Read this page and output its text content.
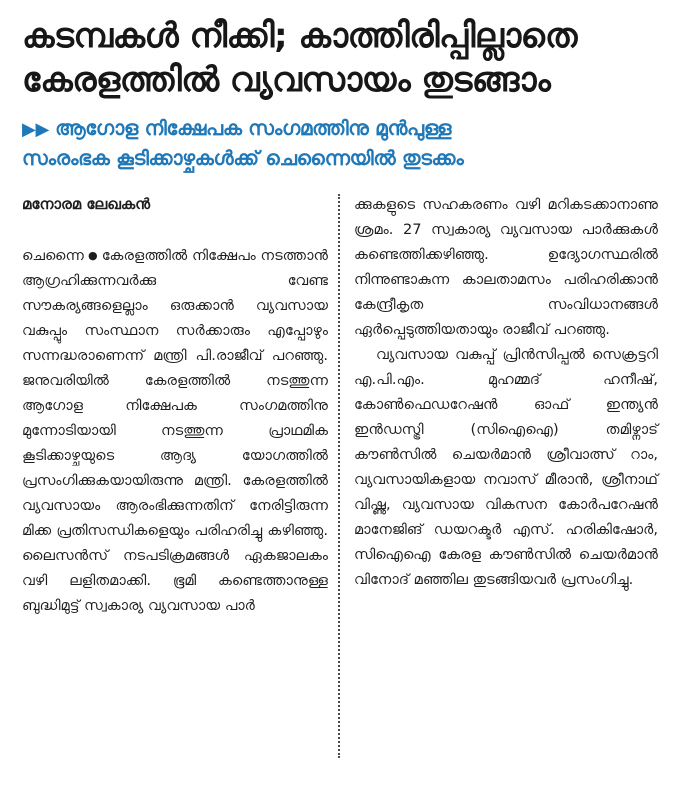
കടമ്പകൾ നീക്കി; കാത്തിരിപ്പില്ലാതെ
കേരളത്തിൽ വ്യവസായം തുടങ്ങാം
▶▶ ആഗോള നിക്ഷേപക സംഗമത്തിനു മുൻപുള്ള
സംരംഭക കൂടിക്കാഴ്ചകൾക്ക് ചെന്നൈയിൽ തുടക്കം
മനോരമ ലേഖകൻ

ചെന്നൈ ● കേരളത്തിൽ നിക്ഷേപം നടത്താൻ ആഗ്രഹിക്കുന്നവർക്കു വേണ്ട സൗകര്യങ്ങളെല്ലാം ഒരുക്കാൻ വ്യവസായ വകുപ്പും സംസ്ഥാന സർക്കാരും എപ്പോഴും സന്നദ്ധരാണെന്ന് മന്ത്രി പി.രാജീവ് പറഞ്ഞു. ജനുവരിയിൽ കേരളത്തിൽ നടത്തുന്ന ആഗോള നിക്ഷേപക സംഗമത്തിനു മുന്നോടിയായി നടത്തുന്ന പ്രാഥമിക കൂടിക്കാഴ്ചയുടെ ആദ്യ യോഗത്തിൽ പ്രസംഗിക്കുകയായിരുന്നു മന്ത്രി. കേരളത്തിൽ വ്യവസായം ആരംഭിക്കുന്നതിന് നേരിട്ടിരുന്ന മിക്ക പ്രതിസന്ധികളെയും പരിഹരിച്ചു കഴിഞ്ഞു. ലൈസൻസ് നടപടിക്രമങ്ങൾ ഏകജാലകം വഴി ലളിതമാക്കി. ഭൂമി കണ്ടെത്താനുള്ള ബുദ്ധിമുട്ട് സ്വകാര്യ വ്യവസായ പാർ

ക്കുകളുടെ സഹകരണം വഴി മറികടക്കാനാണു ശ്രമം. 27 സ്വകാര്യ വ്യവസായ പാർക്കുകൾ കണ്ടെത്തിക്കഴിഞ്ഞു. ഉദ്യോഗസ്ഥരിൽ നിന്നുണ്ടാകുന്ന കാലതാമസം പരിഹരിക്കാൻ കേന്ദ്രീകൃത സംവിധാനങ്ങൾ ഏർപ്പെടുത്തിയതായും രാജീവ് പറഞ്ഞു.

വ്യവസായ വകുപ്പ് പ്രിൻസിപ്പൽ സെക്രട്ടറി എ.പി.എം. മുഹമ്മദ് ഹനീഷ്, കോൺഫെഡറേഷൻ ഓഫ് ഇന്ത്യൻ ഇൻഡസ്ട്രി (സിഐഐ) തമിഴ്നാട് കൗൺസിൽ ചെയർമാൻ ശ്രീവാത്സ് റാം, വ്യവസായികളായ നവാസ് മീരാൻ, ശ്രീനാഥ് വിഷ്ണു, വ്യവസായ വികസന കോർപറേഷൻ മാനേജിങ് ഡയറക്ടർ എസ്. ഹരികിഷോർ, സിഐഐ കേരള കൗൺസിൽ ചെയർമാൻ വിനോദ് മഞ്ഞില തുടങ്ങിയവർ പ്രസംഗിച്ചു.
